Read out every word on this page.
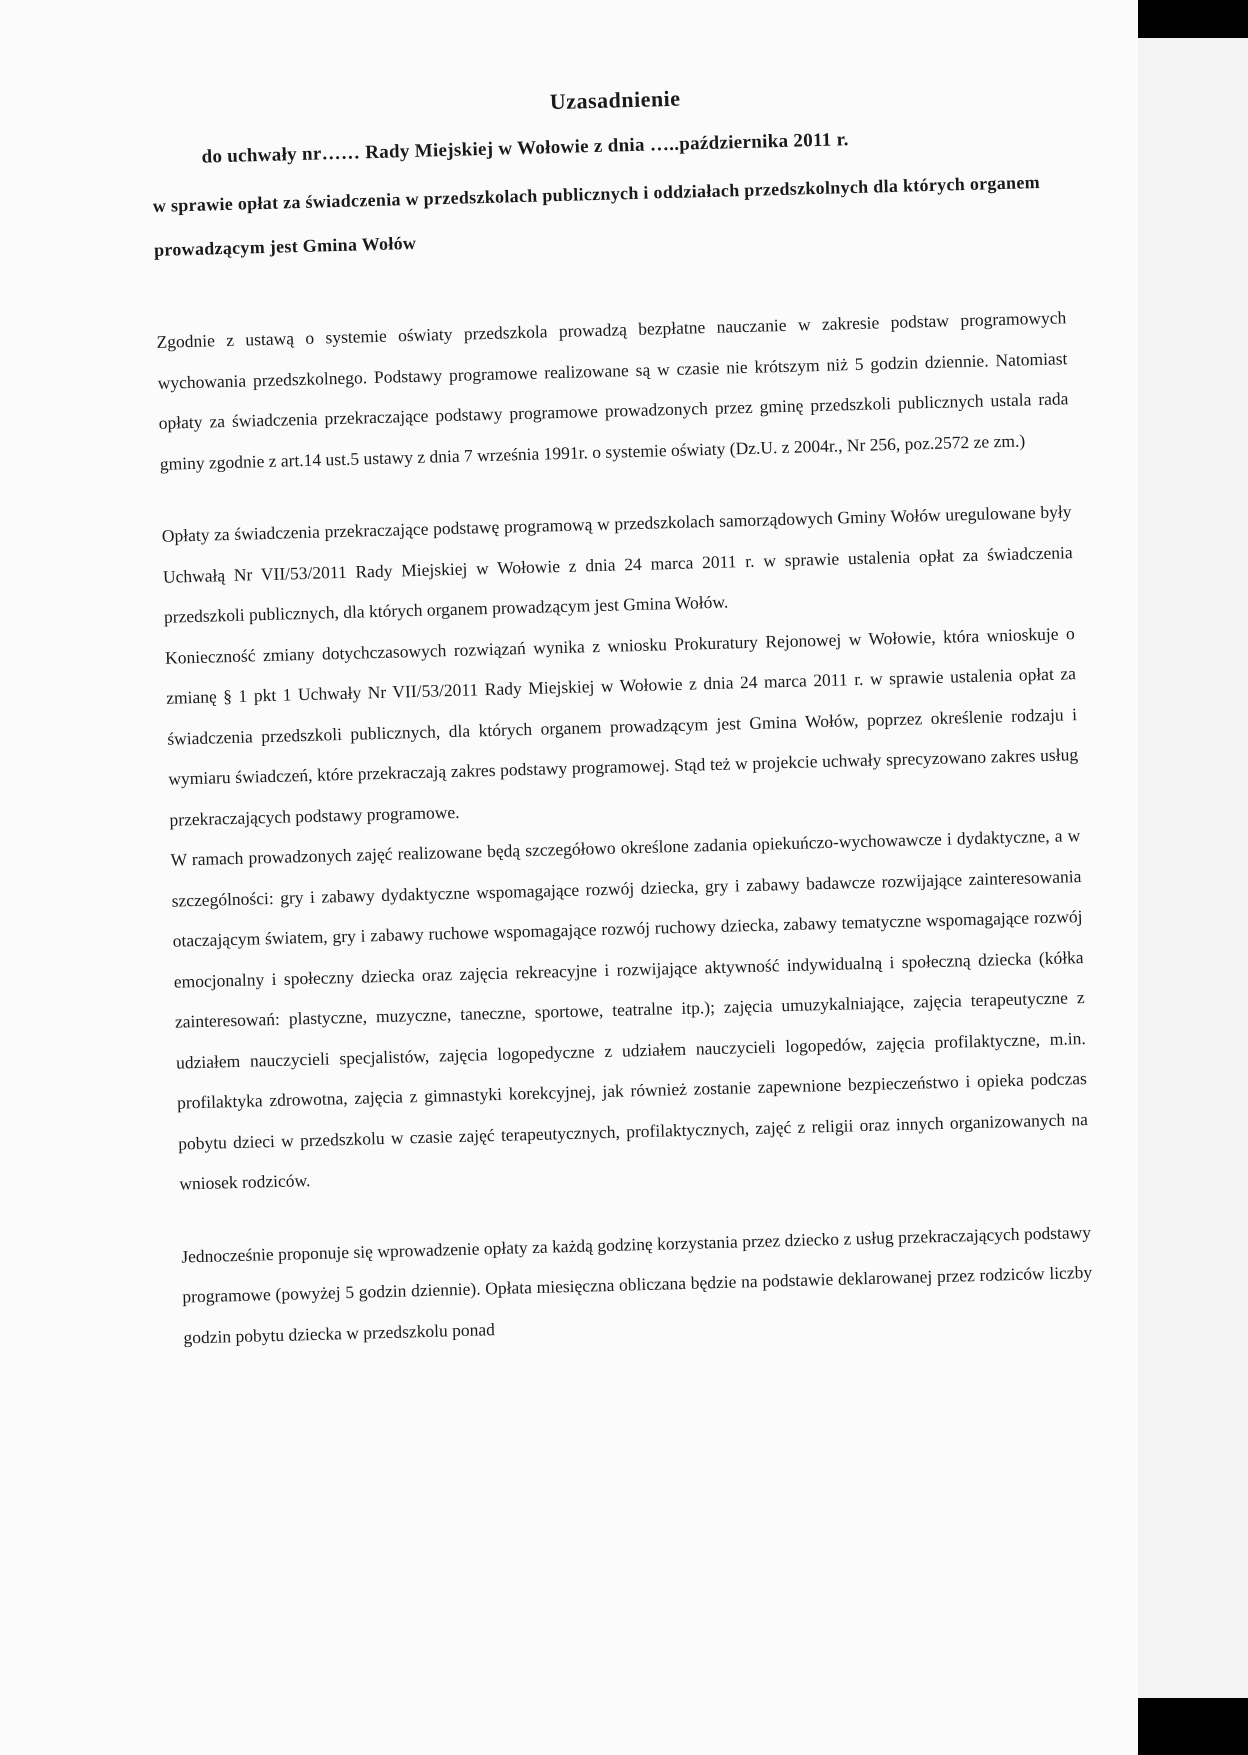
Uzasadnienie
do uchwały nr…… Rady Miejskiej w Wołowie z dnia …..października 2011 r.
w sprawie opłat za świadczenia w przedszkolach publicznych i oddziałach przedszkolnych dla których organem prowadzącym jest Gmina Wołów

Zgodnie z ustawą o systemie oświaty przedszkola prowadzą bezpłatne nauczanie w zakresie podstaw programowych wychowania przedszkolnego. Podstawy programowe realizowane są w czasie nie krótszym niż 5 godzin dziennie. Natomiast opłaty za świadczenia przekraczające podstawy programowe prowadzonych przez gminę przedszkoli publicznych ustala rada gminy zgodnie z art.14 ust.5 ustawy z dnia 7 września 1991r. o systemie oświaty (Dz.U. z 2004r., Nr 256, poz.2572 ze zm.)

Opłaty za świadczenia przekraczające podstawę programową w przedszkolach samorządowych Gminy Wołów uregulowane były Uchwałą Nr VII/53/2011 Rady Miejskiej w Wołowie z dnia 24 marca 2011 r. w sprawie ustalenia opłat za świadczenia przedszkoli publicznych, dla których organem prowadzącym jest Gmina Wołów.

Konieczność zmiany dotychczasowych rozwiązań wynika z wniosku Prokuratury Rejonowej w Wołowie, która wnioskuje o zmianę § 1 pkt 1 Uchwały Nr VII/53/2011 Rady Miejskiej w Wołowie z dnia 24 marca 2011 r. w sprawie ustalenia opłat za świadczenia przedszkoli publicznych, dla których organem prowadzącym jest Gmina Wołów, poprzez określenie rodzaju i wymiaru świadczeń, które przekraczają zakres podstawy programowej. Stąd też w projekcie uchwały sprecyzowano zakres usług przekraczających podstawy programowe.

W ramach prowadzonych zajęć realizowane będą szczegółowo określone zadania opiekuńczo-wychowawcze i dydaktyczne, a w szczególności: gry i zabawy dydaktyczne wspomagające rozwój dziecka, gry i zabawy badawcze rozwijające zainteresowania otaczającym światem, gry i zabawy ruchowe wspomagające rozwój ruchowy dziecka, zabawy tematyczne wspomagające rozwój emocjonalny i społeczny dziecka oraz zajęcia rekreacyjne i rozwijające aktywność indywidualną i społeczną dziecka (kółka zainteresowań: plastyczne, muzyczne, taneczne, sportowe, teatralne itp.); zajęcia umuzykalniające, zajęcia terapeutyczne z udziałem nauczycieli specjalistów, zajęcia logopedyczne z udziałem nauczycieli logopedów, zajęcia profilaktyczne, m.in. profilaktyka zdrowotna, zajęcia z gimnastyki korekcyjnej, jak również zostanie zapewnione bezpieczeństwo i opieka podczas pobytu dzieci w przedszkolu w czasie zajęć terapeutycznych, profilaktycznych, zajęć z religii oraz innych organizowanych na wniosek rodziców.

Jednocześnie proponuje się wprowadzenie opłaty za każdą godzinę korzystania przez dziecko z usług przekraczających podstawy programowe (powyżej 5 godzin dziennie). Opłata miesięczna obliczana będzie na podstawie deklarowanej przez rodziców liczby godzin pobytu dziecka w przedszkolu ponad
